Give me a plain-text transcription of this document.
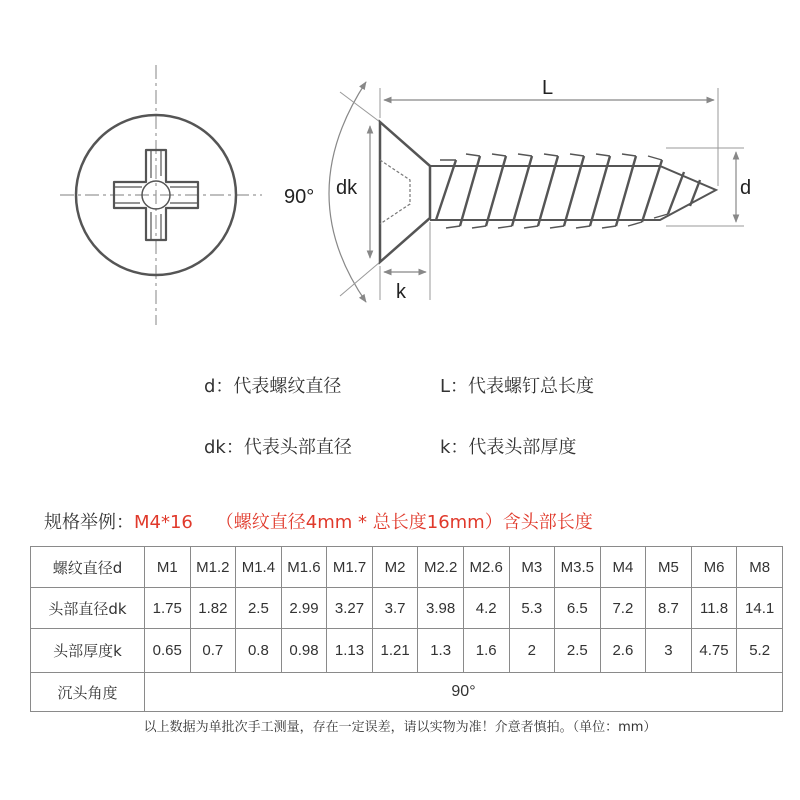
90°
L
dk	d
k
d：代表螺纹直径	L：代表螺钉总长度
dk：代表头部直径	k：代表头部厚度
规格举例：M4*16    （螺纹直径4mm * 总长度16mm）含头部长度
螺纹直径d	M1	M1.2	M1.4	M1.6	M1.7	M2	M2.2	M2.6	M3	M3.5	M4	M5	M6	M8
头部直径dk	1.75	1.82	2.5	2.99	3.27	3.7	3.98	4.2	5.3	6.5	7.2	8.7	11.8	14.1
头部厚度k	0.65	0.7	0.8	0.98	1.13	1.21	1.3	1.6	2	2.5	2.6	3	4.75	5.2
沉头角度	90°													
以上数据为单批次手工测量，存在一定误差，请以实物为准！介意者慎拍。（单位：mm）
